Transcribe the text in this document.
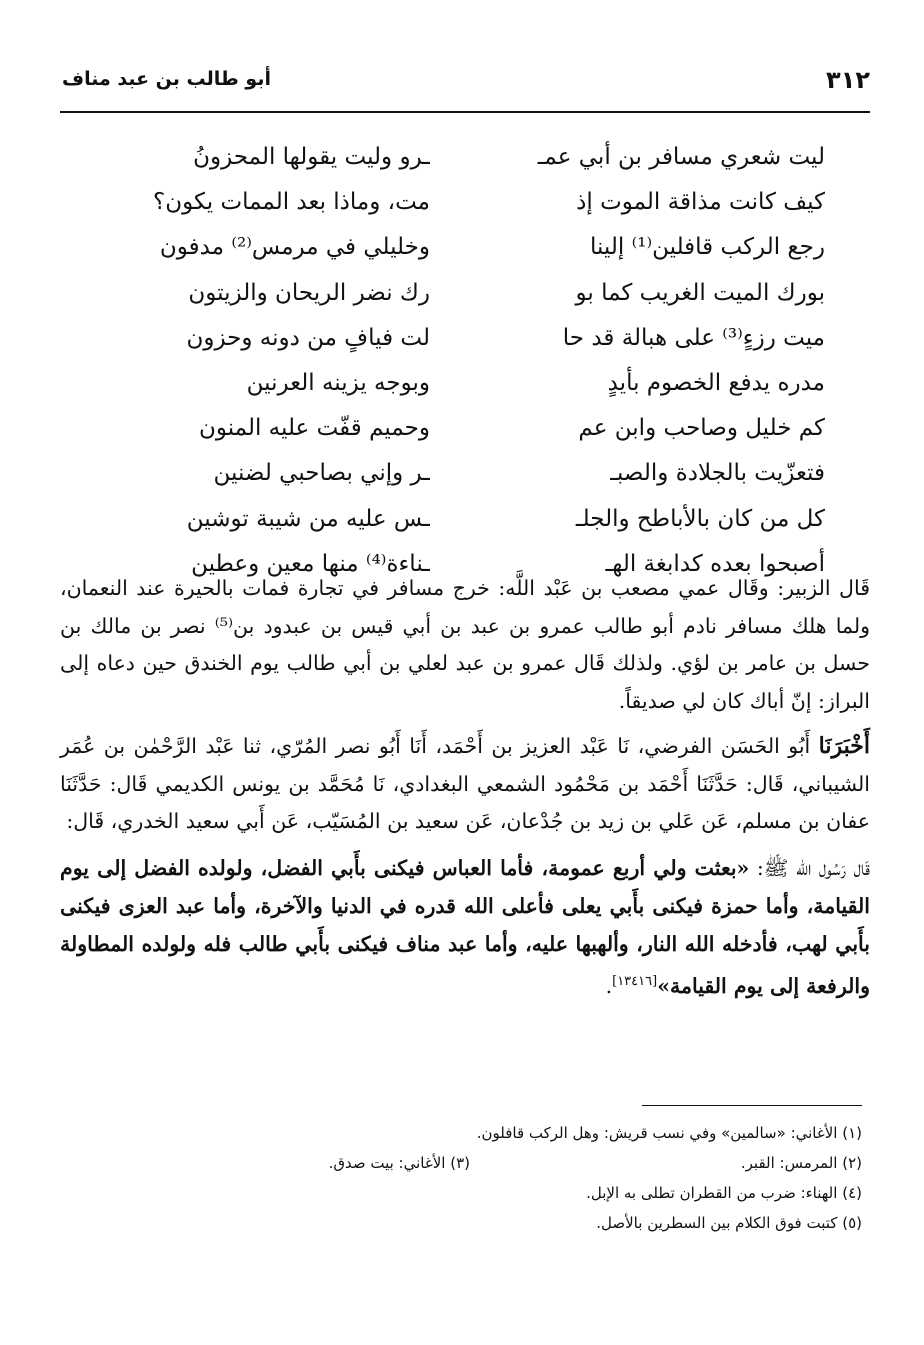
٣١٢
أبو طالب بن عبد مناف
ليت شعري مسافر بن أبي عمـ
ـرو وليت يقولها المحزونُ
كيف كانت مذاقة الموت إذ
مت، وماذا بعد الممات يكون؟
رجع الركب قافلين⁽¹⁾ إلينا
وخليلي في مرمس⁽²⁾ مدفون
بورك الميت الغريب كما بو
رك نضر الريحان والزيتون
ميت رزءٍ⁽³⁾ على هبالة قد حا
لت فيافٍ من دونه وحزون
مدره يدفع الخصوم بأيدٍ
وبوجه يزينه العرنين
كم خليل وصاحب وابن عم
وحميم قفّت عليه المنون
فتعزّيت بالجلادة والصبـ
ـر وإني بصاحبي لضنين
كل من كان بالأباطح والجلـ
ـس عليه من شيبة توشين
أصبحوا بعده كدابغة الهـ
ـناءة⁽⁴⁾ منها معين وعطين

قَال الزبير: وقَال عمي مصعب بن عَبْد اللَّه: خرج مسافر في تجارة فمات بالحيرة عند النعمان، ولما هلك مسافر نادم أبو طالب عمرو بن عبد بن أبي قيس بن عبدود بن⁽⁵⁾ نصر بن مالك بن حسل بن عامر بن لؤي. ولذلك قَال عمرو بن عبد لعلي بن أبي طالب يوم الخندق حين دعاه إلى البراز: إنّ أباك كان لي صديقاً.

أَخْبَرَنَا أَبُو الحَسَن الفرضي، نَا عَبْد العزيز بن أَحْمَد، أَنَا أَبُو نصر المُرّي، ثنا عَبْد الرَّحْمٰن بن عُمَر الشيباني، قَال: حَدَّثَنَا أَحْمَد بن مَحْمُود الشمعي البغدادي، نَا مُحَمَّد بن يونس الكديمي قَال: حَدَّثَنَا عفان بن مسلم، عَن عَلي بن زيد بن جُدْعان، عَن سعيد بن المُسَيّب، عَن أَبي سعيد الخدري، قَال:

قَال رَسُول الله ﷺ: «بعثت ولي أربع عمومة، فأما العباس فيكنى بأَبي الفضل، ولولده الفضل إلى يوم القيامة، وأما حمزة فيكنى بأَبي يعلى فأعلى الله قدره في الدنيا والآخرة، وأما عبد العزى فيكنى بأَبي لهب، فأدخله الله النار، وألهبها عليه، وأما عبد مناف فيكنى بأَبي طالب فله ولولده المطاولة والرفعة إلى يوم القيامة»[١٣٤١٦].

(١) الأغاني: «سالمين» وفي نسب قريش: وهل الركب قافلون.
(٢) المرمس: القبر.
(٣) الأغاني: بيت صدق.
(٤) الهناء: ضرب من القطران تطلى به الإبل.
(٥) كتبت فوق الكلام بين السطرين بالأصل.
